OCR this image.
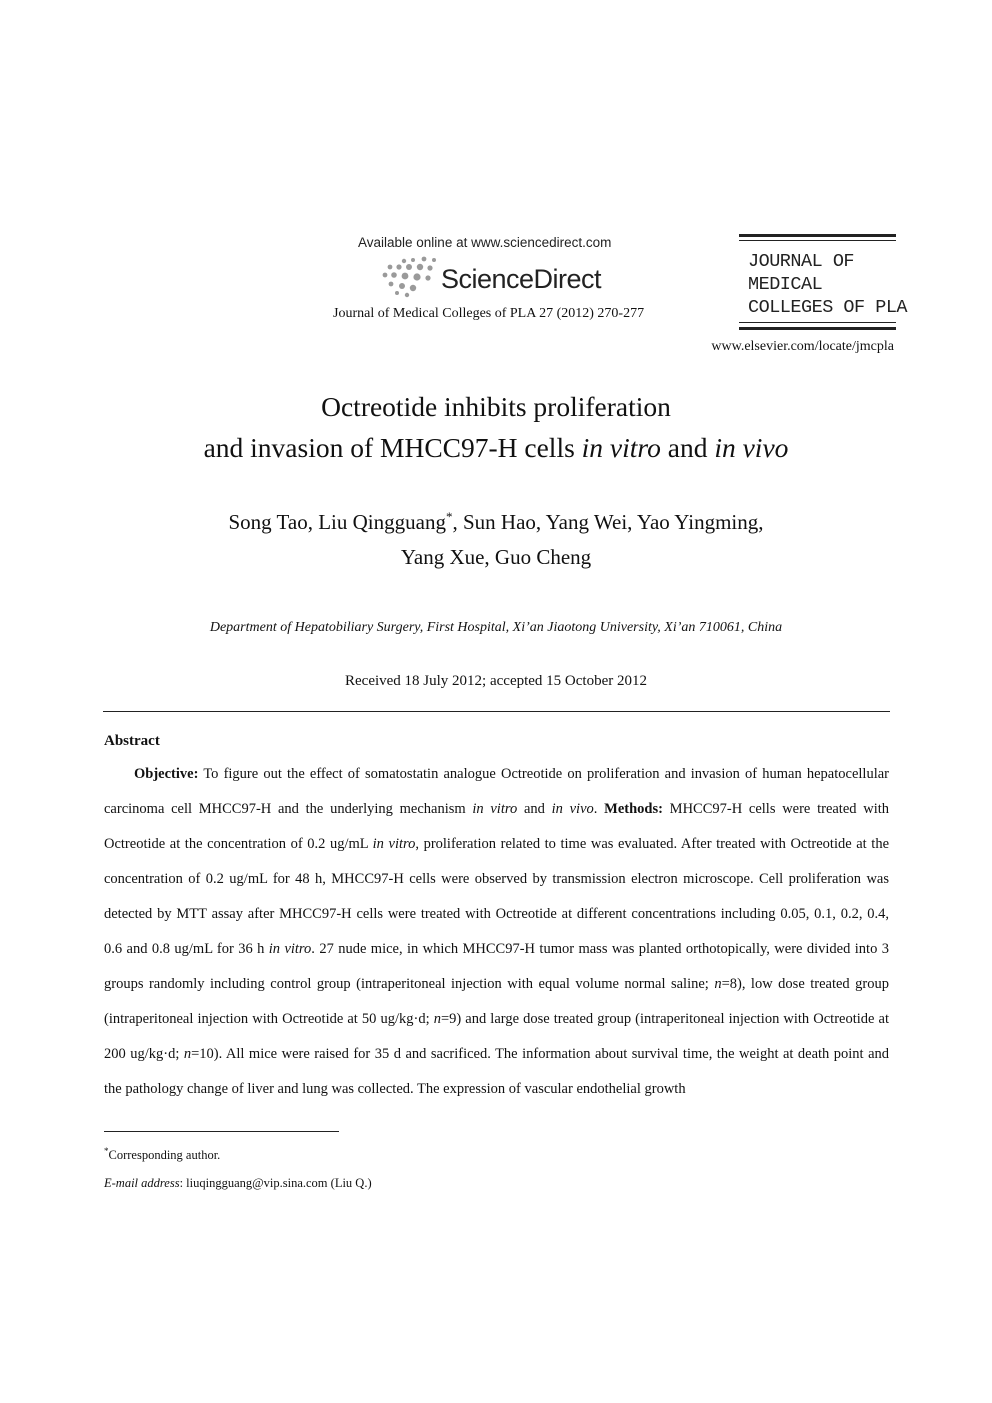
Available online at www.sciencedirect.com
ScienceDirect
Journal of Medical Colleges of PLA 27 (2012) 270-277
JOURNAL OF
MEDICAL
COLLEGES OF PLA
www.elsevier.com/locate/jmcpla
Octreotide inhibits proliferation
and invasion of MHCC97-H cells in vitro and in vivo
Song Tao, Liu Qingguang*, Sun Hao, Yang Wei, Yao Yingming,
Yang Xue, Guo Cheng
Department of Hepatobiliary Surgery, First Hospital, Xi’an Jiaotong University, Xi’an 710061, China
Received 18 July 2012; accepted 15 October 2012
Abstract

Objective: To figure out the effect of somatostatin analogue Octreotide on proliferation and invasion of human hepatocellular carcinoma cell MHCC97-H and the underlying mechanism in vitro and in vivo. Methods: MHCC97-H cells were treated with Octreotide at the concentration of 0.2 ug/mL in vitro, proliferation related to time was evaluated. After treated with Octreotide at the concentration of 0.2 ug/mL for 48 h, MHCC97-H cells were observed by transmission electron microscope. Cell proliferation was detected by MTT assay after MHCC97-H cells were treated with Octreotide at different concentrations including 0.05, 0.1, 0.2, 0.4, 0.6 and 0.8 ug/mL for 36 h in vitro. 27 nude mice, in which MHCC97-H tumor mass was planted orthotopically, were divided into 3 groups randomly including control group (intraperitoneal injection with equal volume normal saline; n=8), low dose treated group (intraperitoneal injection with Octreotide at 50 ug/kg·d; n=9) and large dose treated group (intraperitoneal injection with Octreotide at 200 ug/kg·d; n=10). All mice were raised for 35 d and sacrificed. The information about survival time, the weight at death point and the pathology change of liver and lung was collected. The expression of vascular endothelial growth

*Corresponding author.
E-mail address: liuqingguang@vip.sina.com (Liu Q.)
